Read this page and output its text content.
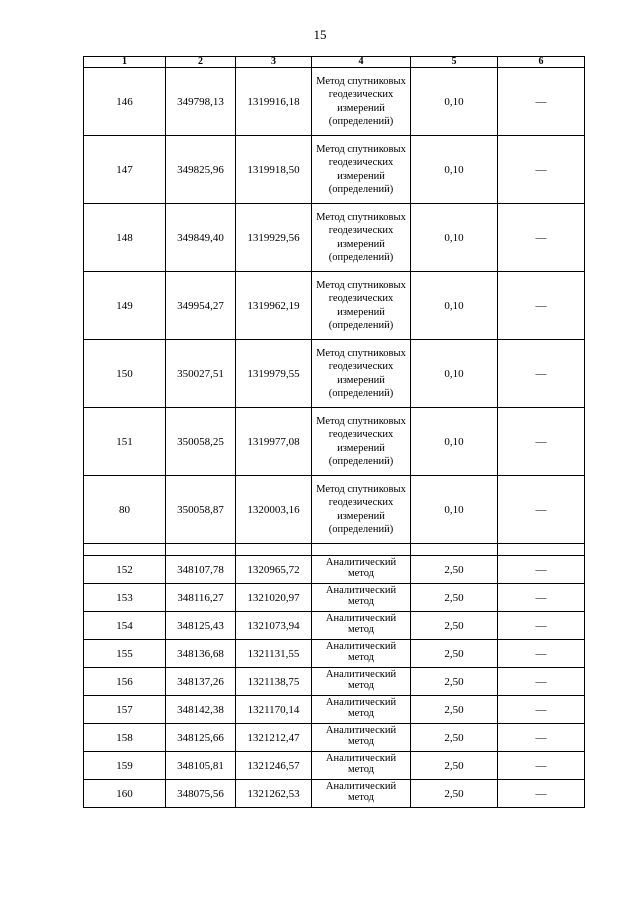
15
1	2	3	4	5	6
146	349798,13	1319916,18	Метод спутниковых геодезических измерений (определений)	0,10	—
147	349825,96	1319918,50	Метод спутниковых геодезических измерений (определений)	0,10	—
148	349849,40	1319929,56	Метод спутниковых геодезических измерений (определений)	0,10	—
149	349954,27	1319962,19	Метод спутниковых геодезических измерений (определений)	0,10	—
150	350027,51	1319979,55	Метод спутниковых геодезических измерений (определений)	0,10	—
151	350058,25	1319977,08	Метод спутниковых геодезических измерений (определений)	0,10	—
80	350058,87	1320003,16	Метод спутниковых геодезических измерений (определений)	0,10	—

152	348107,78	1320965,72	Аналитический метод	2,50	—
153	348116,27	1321020,97	Аналитический метод	2,50	—
154	348125,43	1321073,94	Аналитический метод	2,50	—
155	348136,68	1321131,55	Аналитический метод	2,50	—
156	348137,26	1321138,75	Аналитический метод	2,50	—
157	348142,38	1321170,14	Аналитический метод	2,50	—
158	348125,66	1321212,47	Аналитический метод	2,50	—
159	348105,81	1321246,57	Аналитический метод	2,50	—
160	348075,56	1321262,53	Аналитический метод	2,50	—
